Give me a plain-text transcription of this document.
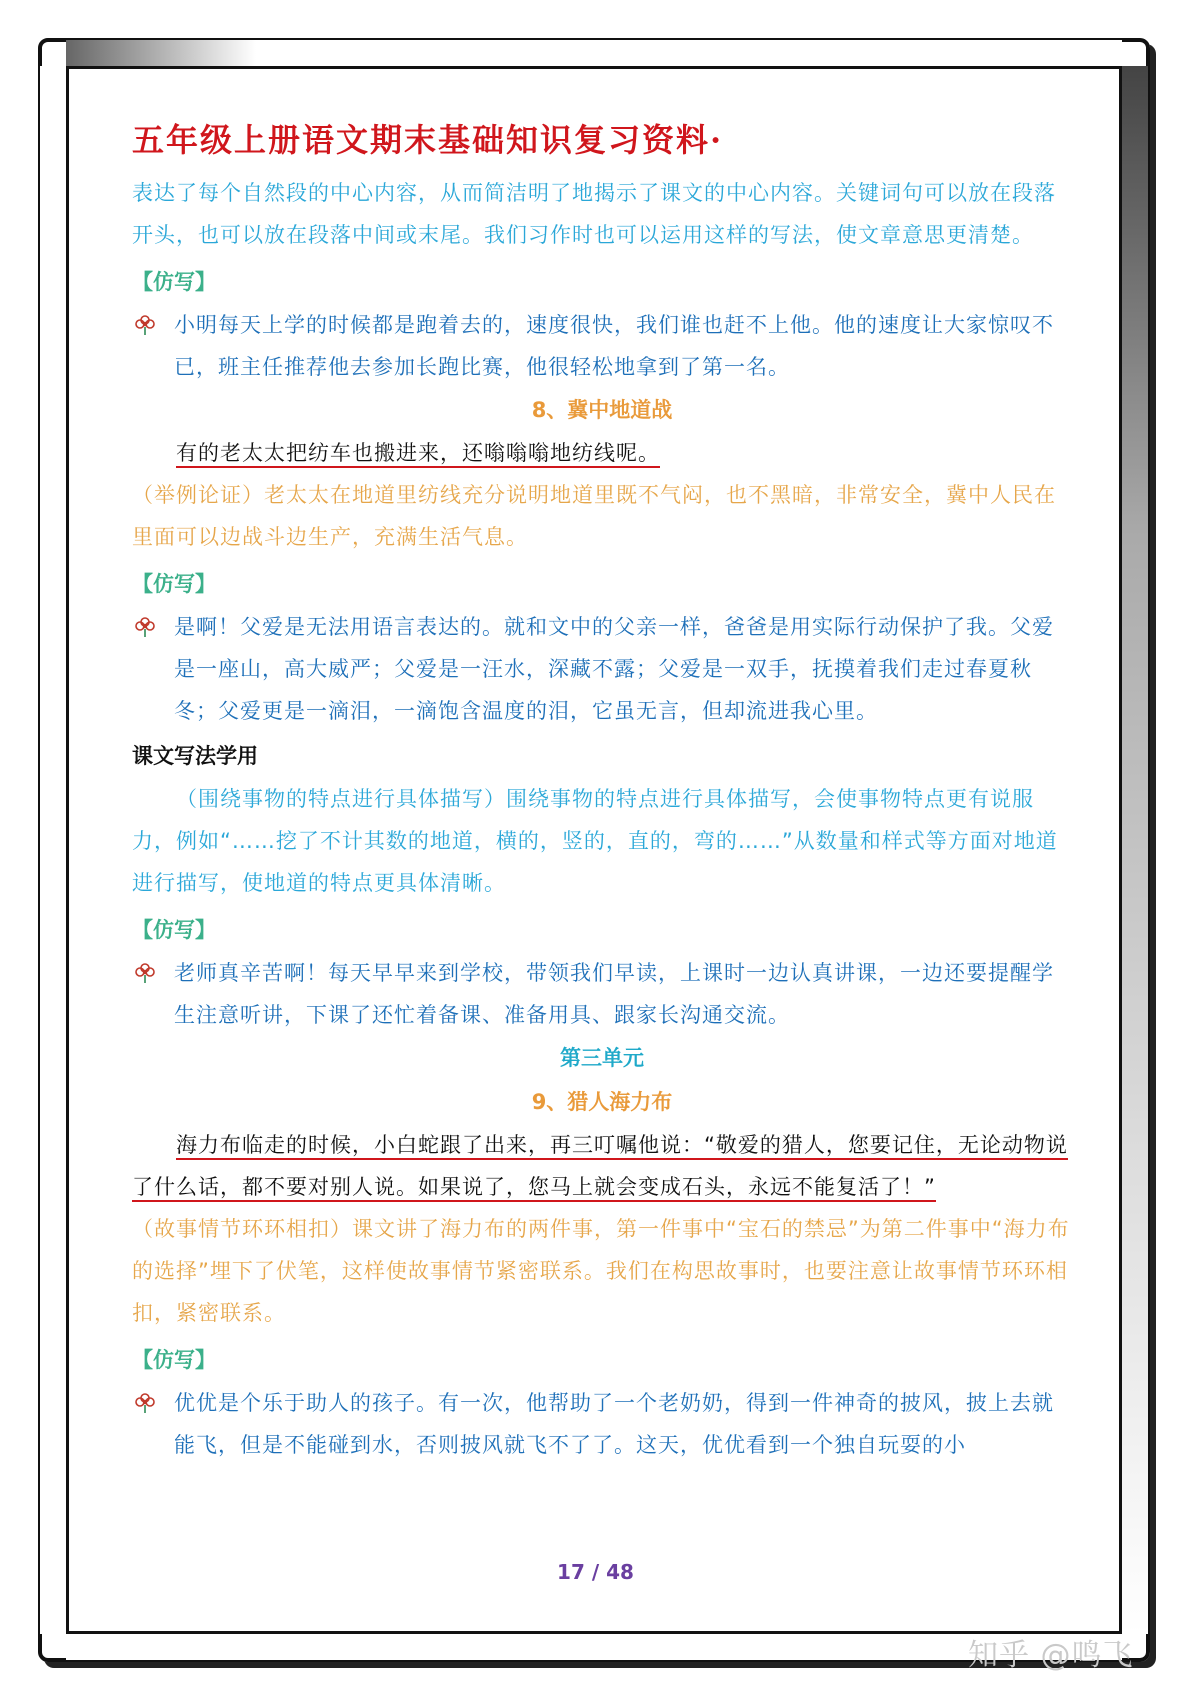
五年级上册语文期末基础知识复习资料·

表达了每个自然段的中心内容，从而简洁明了地揭示了课文的中心内容。关键词句可以放在段落开头，也可以放在段落中间或末尾。我们习作时也可以运用这样的写法，使文章意思更清楚。

【仿写】

小明每天上学的时候都是跑着去的，速度很快，我们谁也赶不上他。他的速度让大家惊叹不已，班主任推荐他去参加长跑比赛，他很轻松地拿到了第一名。

8、冀中地道战

有的老太太把纺车也搬进来，还嗡嗡嗡地纺线呢。

（举例论证）老太太在地道里纺线充分说明地道里既不气闷，也不黑暗，非常安全，冀中人民在里面可以边战斗边生产，充满生活气息。

【仿写】

是啊！父爱是无法用语言表达的。就和文中的父亲一样，爸爸是用实际行动保护了我。父爱是一座山，高大威严；父爱是一汪水，深藏不露；父爱是一双手，抚摸着我们走过春夏秋冬；父爱更是一滴泪，一滴饱含温度的泪，它虽无言，但却流进我心里。

课文写法学用

（围绕事物的特点进行具体描写）围绕事物的特点进行具体描写，会使事物特点更有说服力，例如“……挖了不计其数的地道，横的，竖的，直的，弯的……”从数量和样式等方面对地道进行描写，使地道的特点更具体清晰。

【仿写】

老师真辛苦啊！每天早早来到学校，带领我们早读，上课时一边认真讲课，一边还要提醒学生注意听讲，下课了还忙着备课、准备用具、跟家长沟通交流。

第三单元
9、猎人海力布

海力布临走的时候，小白蛇跟了出来，再三叮嘱他说：“敬爱的猎人，您要记住，无论动物说了什么话，都不要对别人说。如果说了，您马上就会变成石头，永远不能复活了！”

（故事情节环环相扣）课文讲了海力布的两件事，第一件事中“宝石的禁忌”为第二件事中“海力布的选择”埋下了伏笔，这样使故事情节紧密联系。我们在构思故事时，也要注意让故事情节环环相扣，紧密联系。

【仿写】

优优是个乐于助人的孩子。有一次，他帮助了一个老奶奶，得到一件神奇的披风，披上去就能飞，但是不能碰到水，否则披风就飞不了了。这天，优优看到一个独自玩耍的小

17 / 48
知乎 @鸣飞
